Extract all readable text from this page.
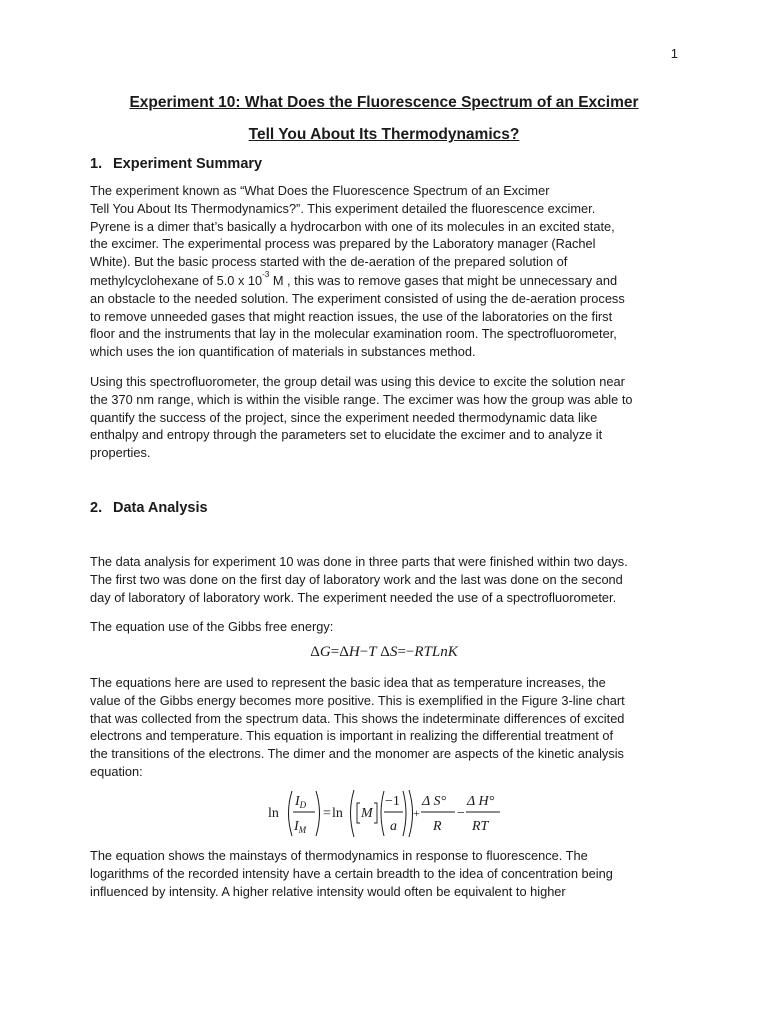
1
Experiment 10: What Does the Fluorescence Spectrum of an Excimer
Tell You About Its Thermodynamics?
1. Experiment Summary
The experiment known as “What Does the Fluorescence Spectrum of an Excimer
Tell You About Its Thermodynamics?”. This experiment detailed the fluorescence excimer.
Pyrene is a dimer that’s basically a hydrocarbon with one of its molecules in an excited state,
the excimer. The experimental process was prepared by the Laboratory manager (Rachel
White). But the basic process started with the de-aeration of the prepared solution of
methylcyclohexane of 5.0 x $10^{-3}$ M , this was to remove gases that might be unnecessary and
an obstacle to the needed solution. The experiment consisted of using the de-aeration process
to remove unneeded gases that might reaction issues, the use of the laboratories on the first
floor and the instruments that lay in the molecular examination room. The spectrofluorometer,
which uses the ion quantification of materials in substances method.
Using this spectrofluorometer, the group detail was using this device to excite the solution near
the 370 nm range, which is within the visible range. The excimer was how the group was able to
quantify the success of the project, since the experiment needed thermodynamic data like
enthalpy and entropy through the parameters set to elucidate the excimer and to analyze it
properties.
2. Data Analysis
The data analysis for experiment 10 was done in three parts that were finished within two days.
The first two was done on the first day of laboratory work and the last was done on the second
day of laboratory of laboratory work. The experiment needed the use of a spectrofluorometer.
The equation use of the Gibbs free energy:
ΔG=ΔH−T ΔS=−RTLnK
The equations here are used to represent the basic idea that as temperature increases, the
value of the Gibbs energy becomes more positive. This is exemplified in the Figure 3-line chart
that was collected from the spectrum data. This shows the indeterminate differences of excited
electrons and temperature. This equation is important in realizing the differential treatment of
the transitions of the electrons. The dimer and the monomer are aspects of the kinetic analysis
equation:
ln
$I_D$
$I_M$
= ln M
−1
a
+
Δ S°
R
−
Δ H°
RT
The equation shows the mainstays of thermodynamics in response to fluorescence. The
logarithms of the recorded intensity have a certain breadth to the idea of concentration being
influenced by intensity. A higher relative intensity would often be equivalent to higher
